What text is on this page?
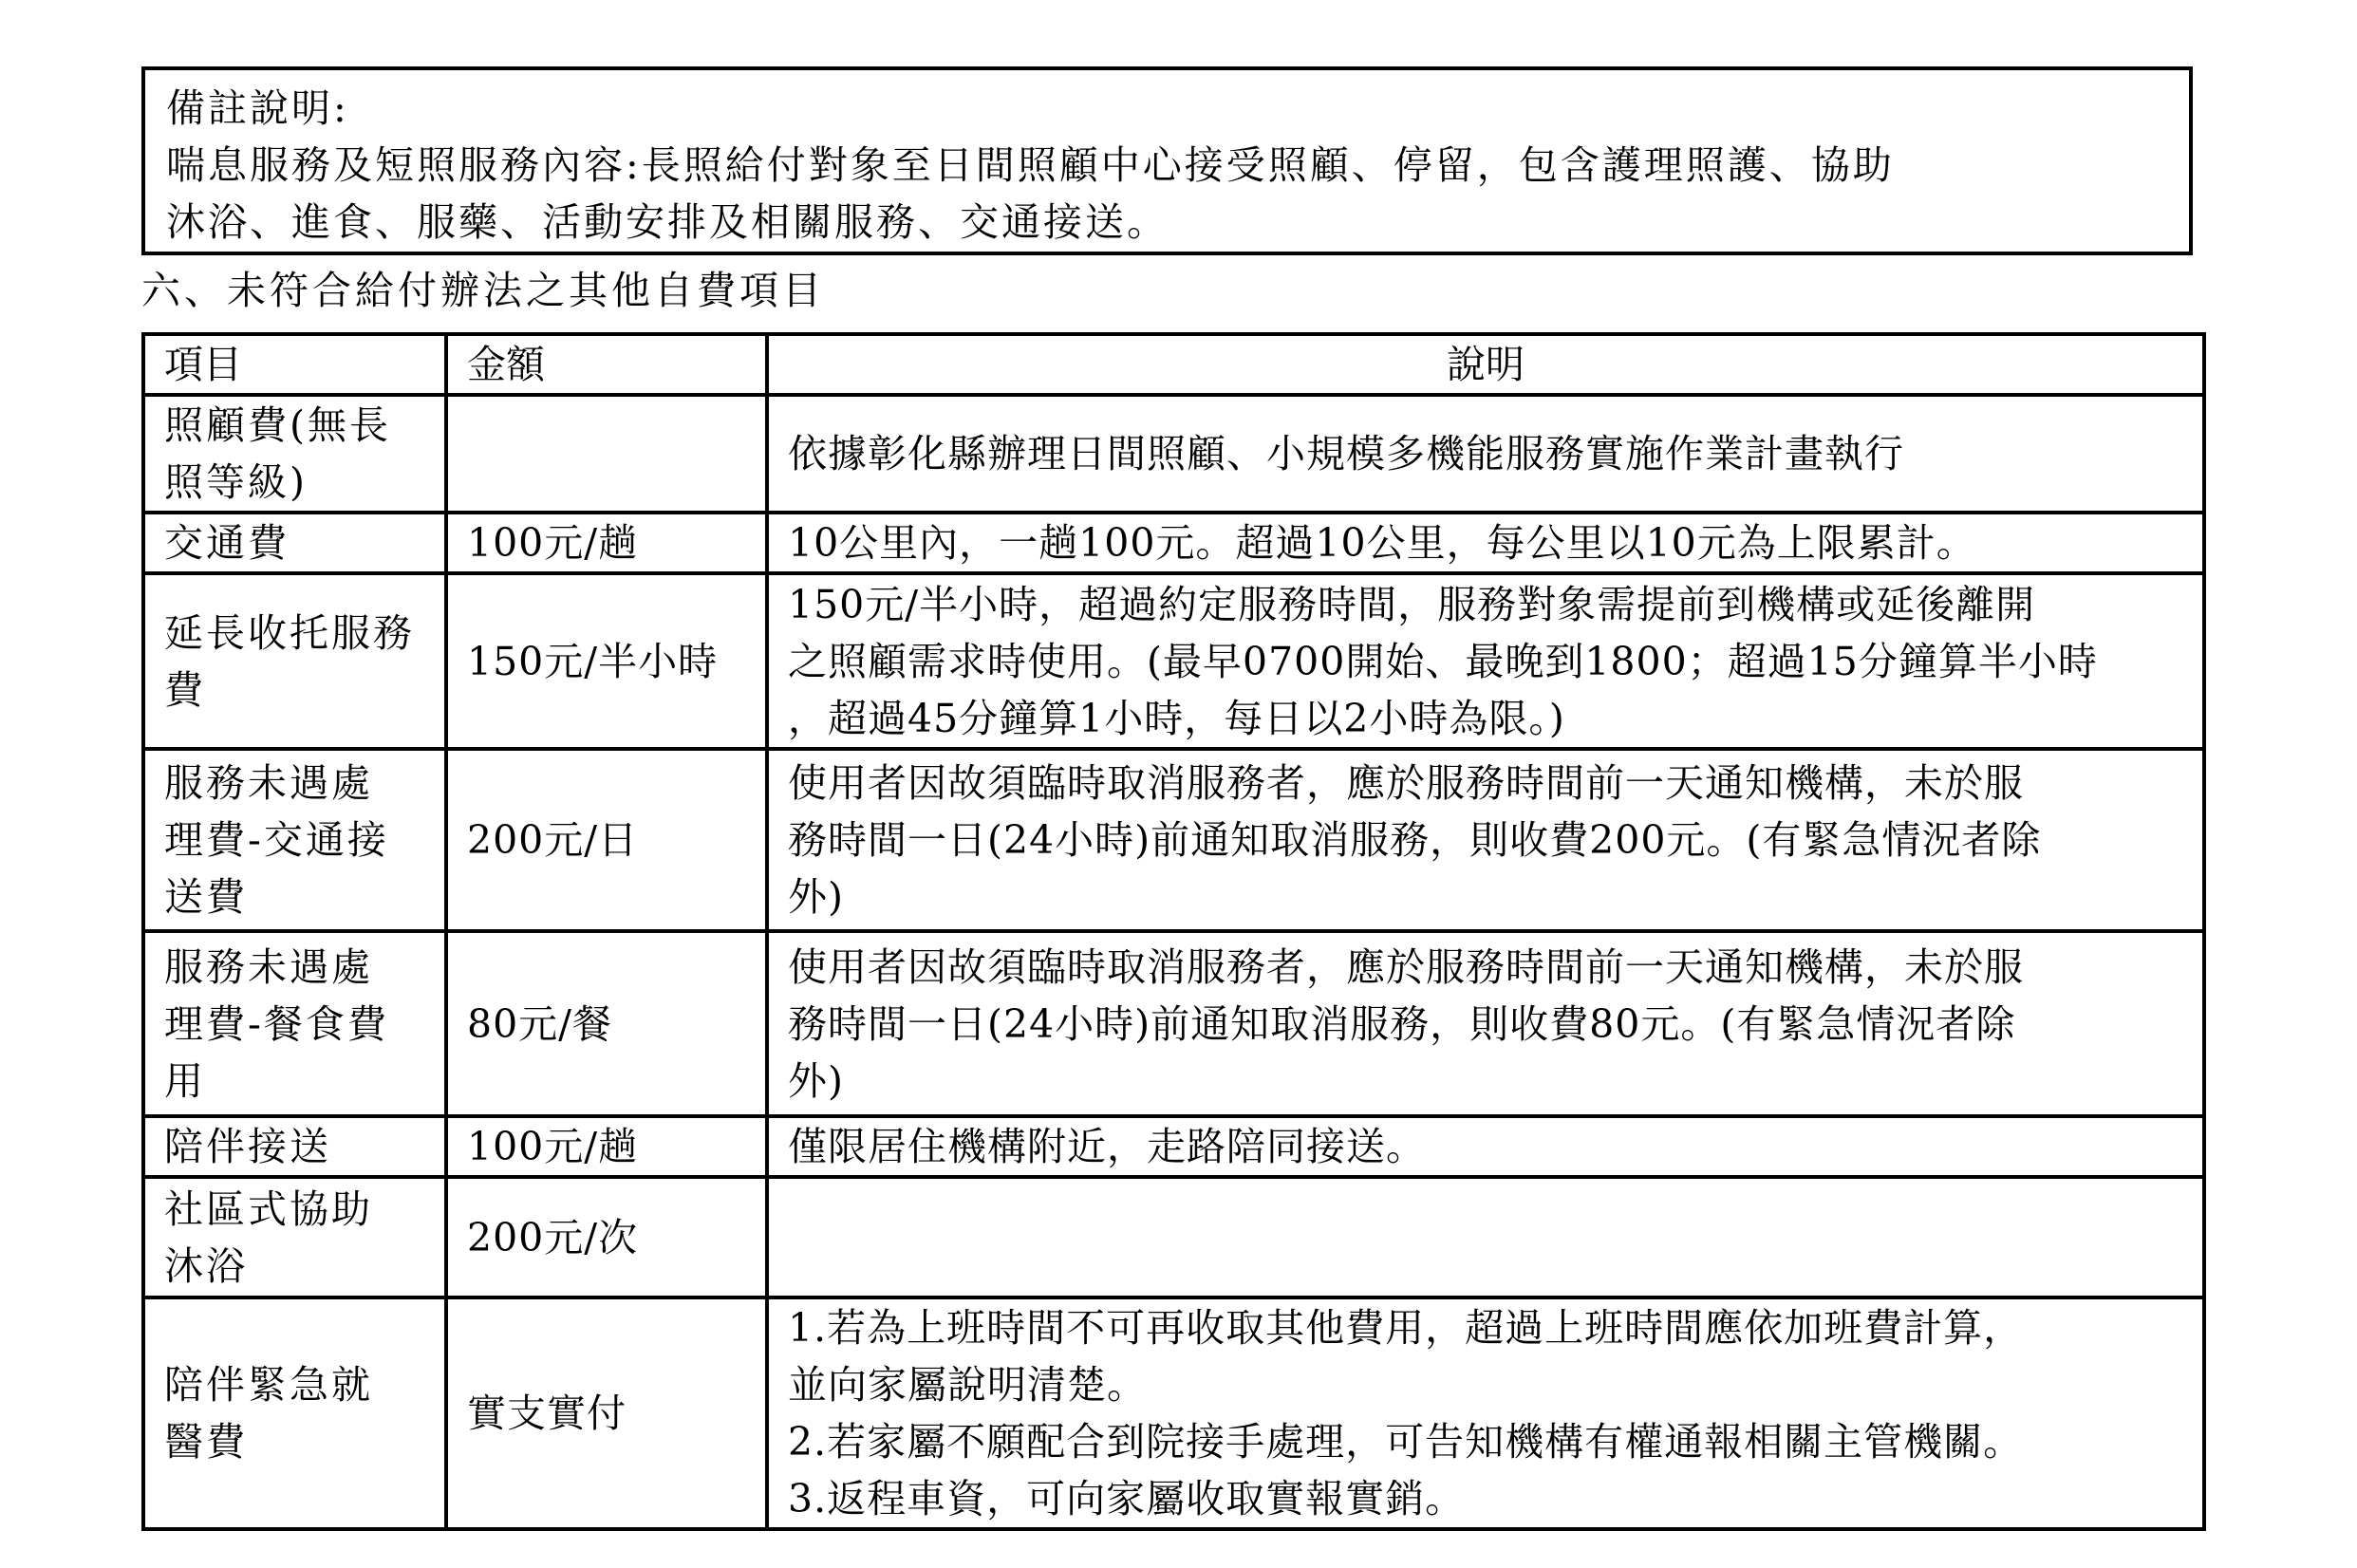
備註說明:
喘息服務及短照服務內容:長照給付對象至日間照顧中心接受照顧、停留，包含護理照護、協助
沐浴、進食、服藥、活動安排及相關服務、交通接送。
六、未符合給付辦法之其他自費項目
項目	金額	說明

照顧費(無長
照等級)		依據彰化縣辦理日間照顧、小規模多機能服務實施作業計畫執行

交通費	100元/趟	10公里內，一趟100元。超過10公里，每公里以10元為上限累計。

延長收托服務
費	150元/半小時	150元/半小時，超過約定服務時間，服務對象需提前到機構或延後離開
之照顧需求時使用。(最早0700開始、最晚到1800；超過15分鐘算半小時
，超過45分鐘算1小時，每日以2小時為限。)

服務未遇處
理費-交通接
送費	200元/日	使用者因故須臨時取消服務者，應於服務時間前一天通知機構，未於服
務時間一日(24小時)前通知取消服務，則收費200元。(有緊急情況者除
外)

服務未遇處
理費-餐食費
用	80元/餐	使用者因故須臨時取消服務者，應於服務時間前一天通知機構，未於服
務時間一日(24小時)前通知取消服務，則收費80元。(有緊急情況者除
外)

陪伴接送	100元/趟	僅限居住機構附近，走路陪同接送。

社區式協助
沐浴	200元/次	

陪伴緊急就
醫費	實支實付	1.若為上班時間不可再收取其他費用，超過上班時間應依加班費計算，
並向家屬說明清楚。
2.若家屬不願配合到院接手處理，可告知機構有權通報相關主管機關。
3.返程車資，可向家屬收取實報實銷。
